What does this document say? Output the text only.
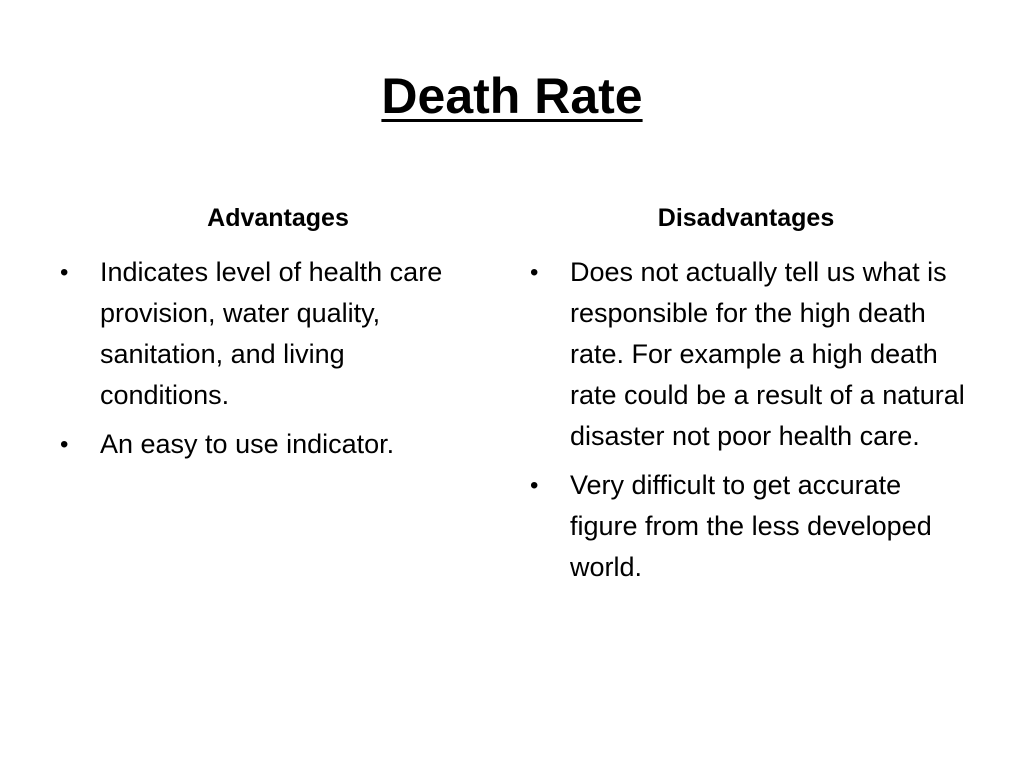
Death Rate
Advantages
• Indicates level of health care provision, water quality, sanitation, and living conditions.
• An easy to use indicator.
Disadvantages
• Does not actually tell us what is responsible for the high death rate. For example a high death rate could be a result of a natural disaster not poor health care.
• Very difficult to get accurate figure from the less developed world.
